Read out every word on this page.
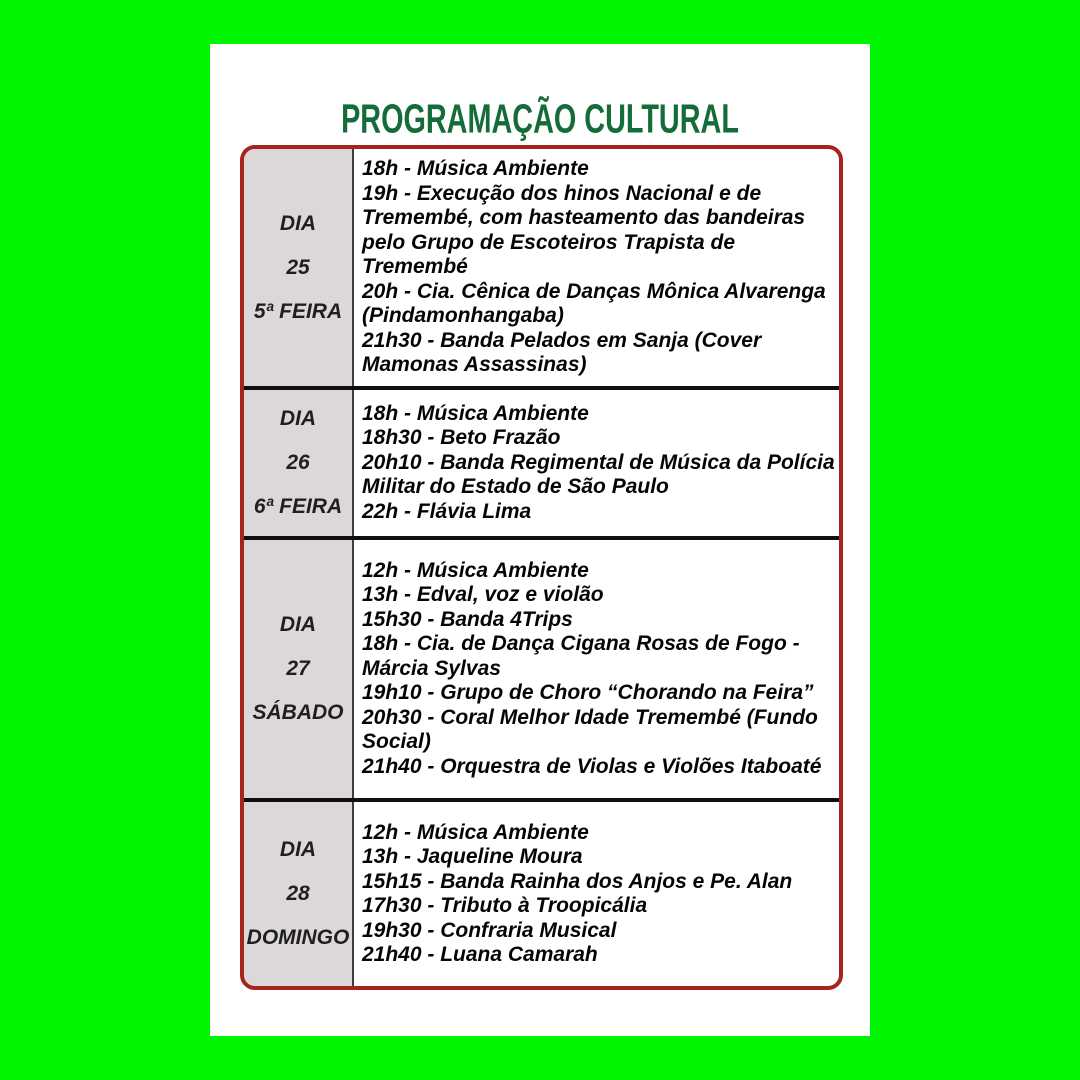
PROGRAMAÇÃO CULTURAL
DIA
25
5ª FEIRA

18h - Música Ambiente

19h - Execução dos hinos Nacional e de Tremembé, com hasteamento das bandeiras pelo Grupo de Escoteiros Trapista de Tremembé

20h - Cia. Cênica de Danças Mônica Alvarenga (Pindamonhangaba)

21h30 - Banda Pelados em Sanja (Cover Mamonas Assassinas)

DIA
26
6ª FEIRA

18h - Música Ambiente

18h30 - Beto Frazão

20h10 - Banda Regimental de Música da Polícia Militar do Estado de São Paulo

22h - Flávia Lima

DIA
27
SÁBADO

12h - Música Ambiente

13h - Edval, voz e violão

15h30 - Banda 4Trips

18h - Cia. de Dança Cigana Rosas de Fogo - Márcia Sylvas

19h10 - Grupo de Choro “Chorando na Feira”

20h30 - Coral Melhor Idade Tremembé (Fundo Social)

21h40 - Orquestra de Violas e Violões Itaboaté

DIA
28
DOMINGO

12h - Música Ambiente

13h - Jaqueline Moura

15h15 - Banda Rainha dos Anjos e Pe. Alan

17h30 - Tributo à Troopicália

19h30 - Confraria Musical

21h40 - Luana Camarah
